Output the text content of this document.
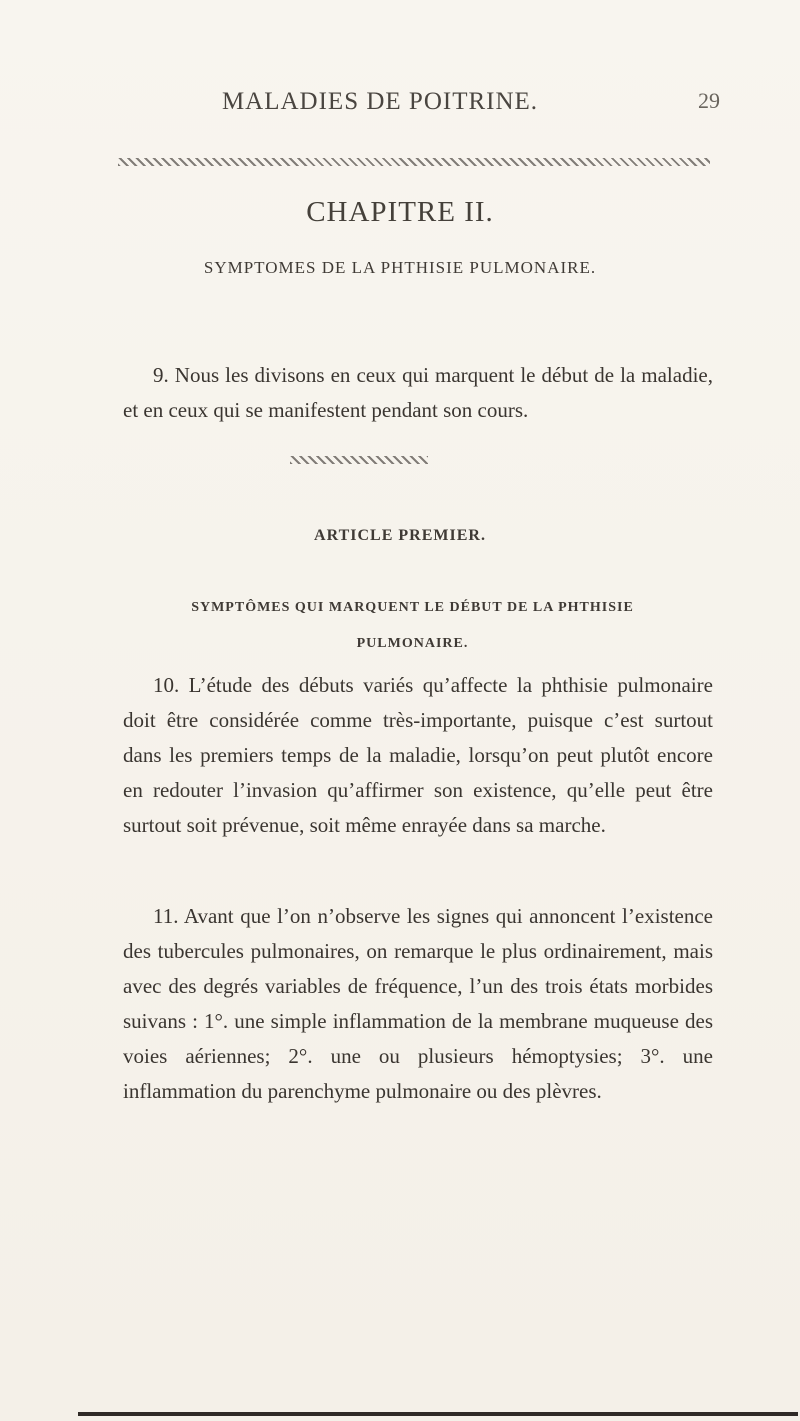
MALADIES DE POITRINE.	29
CHAPITRE II.
SYMPTOMES DE LA PHTHISIE PULMONAIRE.
9. Nous les divisons en ceux qui marquent le début de la maladie, et en ceux qui se manifestent pendant son cours.
ARTICLE PREMIER.
SYMPTÔMES QUI MARQUENT LE DÉBUT DE LA PHTHISIE PULMONAIRE.
10. L’étude des débuts variés qu’affecte la phthisie pulmonaire doit être considérée comme très-importante, puisque c’est surtout dans les premiers temps de la maladie, lorsqu’on peut plutôt encore en redouter l’invasion qu’affirmer son existence, qu’elle peut être surtout soit prévenue, soit même enrayée dans sa marche.
11. Avant que l’on n’observe les signes qui annoncent l’existence des tubercules pulmonaires, on remarque le plus ordinairement, mais avec des degrés variables de fréquence, l’un des trois états morbides suivans : 1°. une simple inflammation de la membrane muqueuse des voies aériennes; 2°. une ou plusieurs hémoptysies; 3°. une inflammation du parenchyme pulmonaire ou des plèvres.
